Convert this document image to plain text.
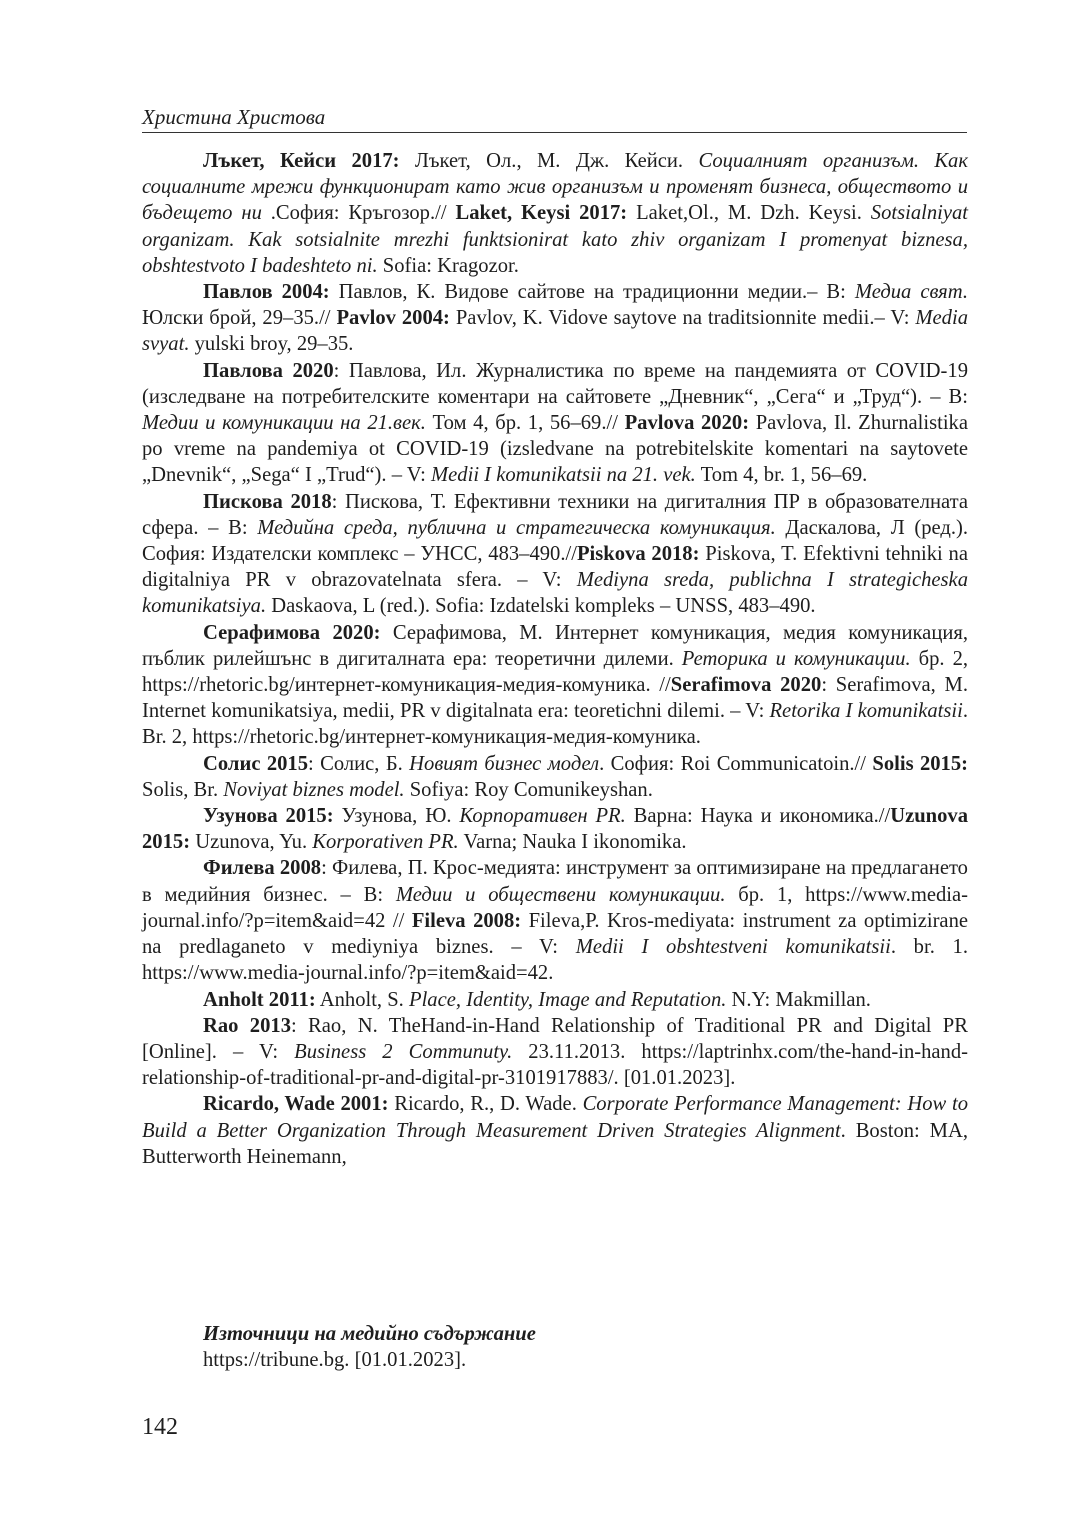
Христина Христова

Лъкет, Кейси 2017: Лъкет, Ол., М. Дж. Кейси. Социалният организъм. Как социалните мрежи функционират като жив организъм и променят бизнеса, обществото и бъдещето ни .София: Кръгозор.// Laket, Keysi 2017: Laket,Ol., M. Dzh. Keysi. Sotsialniyat organizam. Kak sotsialnite mrezhi funktsionirat kato zhiv organizam I promenyat biznesa, obshtestvoto I badeshteto ni. Sofia: Kragozor.

Павлов 2004: Павлов, К. Видове сайтове на традиционни медии.– В: Медиа свят. Юлски брой, 29–35.// Pavlov 2004: Pavlov, K. Vidove saytove na traditsionnite medii.– V: Media svyat. yulski broy, 29–35.

Павлова 2020: Павлова, Ил. Журналистика по време на пандемията от COVID-19 (изследване на потребителските коментари на сайтовете „Дневник“, „Сега“ и „Труд“). – В: Медии и комуникации на 21.век. Том 4, бр. 1, 56–69.// Pavlova 2020: Pavlova, Il. Zhurnalistika po vreme na pandemiya ot COVID-19 (izsledvane na potrebitelskite komentari na saytovete „Dnevnik“, „Sega“ I „Trud“). – V: Medii I komunikatsii na 21. vek. Tom 4, br. 1, 56–69.

Пискова 2018: Пискова, Т. Ефективни техники на дигиталния ПР в образователната сфера. – В: Медийна среда, публична и стратегическа комуникация. Даскалова, Л (ред.). София: Издателски комплекс – УНСС, 483–490.//Piskova 2018: Piskova, T. Efektivni tehniki na digitalniya PR v obrazovatelnata sfera. – V: Mediyna sreda, publichna I strategicheska komunikatsiya. Daskaova, L (red.). Sofia: Izdatelski kompleks – UNSS, 483–490.

Серафимова 2020: Серафимова, М. Интернет комуникация, медия комуникация, пъблик рилейшънс в дигиталната ера: теоретични дилеми. Реторика и комуникации. бр. 2, https://rhetoric.bg/интернет-комуникация-медия-комуника. //Serafimova 2020: Serafimova, M. Internet komunikatsiya, medii, PR v digitalnata era: teoretichni dilemi. – V: Retorika I komunikatsii. Br. 2, https://rhetoric.bg/интернет-комуникация-медия-комуника.

Солис 2015: Солис, Б. Новият бизнес модел. София: Roi Communicatoin.// Solis 2015: Solis, Br. Noviyat biznes model. Sofiya: Roy Comunikeyshan.

Узунова 2015: Узунова, Ю. Корпоративен PR. Варна: Наука и икономика.//Uzunova 2015: Uzunova, Yu. Korporativen PR. Varna; Nauka I ikonomika.

Филева 2008: Филева, П. Крос-медията: инструмент за оптимизиране на предлагането в медийния бизнес. – В: Медии и обществени комуникации. бр. 1, https://www.media-journal.info/?p=item&aid=42 // Fileva 2008: Fileva,P. Kros-mediyata: instrument za optimizirane na predlaganeto v mediyniya biznes. – V: Medii I obshtestveni komunikatsii. br. 1. https://www.media-journal.info/?p=item&aid=42.

Anholt 2011: Anholt, S. Place, Identity, Image and Reputation. N.Y: Makmillan.

Rao 2013: Rao, N. TheHand-in-Hand Relationship of Traditional PR and Digital PR [Online]. – V: Business 2 Communuty. 23.11.2013. https://laptrinhx.com/the-hand-in-hand-relationship-of-traditional-pr-and-digital-pr-3101917883/. [01.01.2023].

Ricardo, Wade 2001: Ricardo, R., D. Wade. Corporate Performance Management: How to Build a Better Organization Through Measurement Driven Strategies Alignment. Boston: MA, Butterworth Heinemann,

Източници на медийно съдържание

https://tribune.bg. [01.01.2023].

142
